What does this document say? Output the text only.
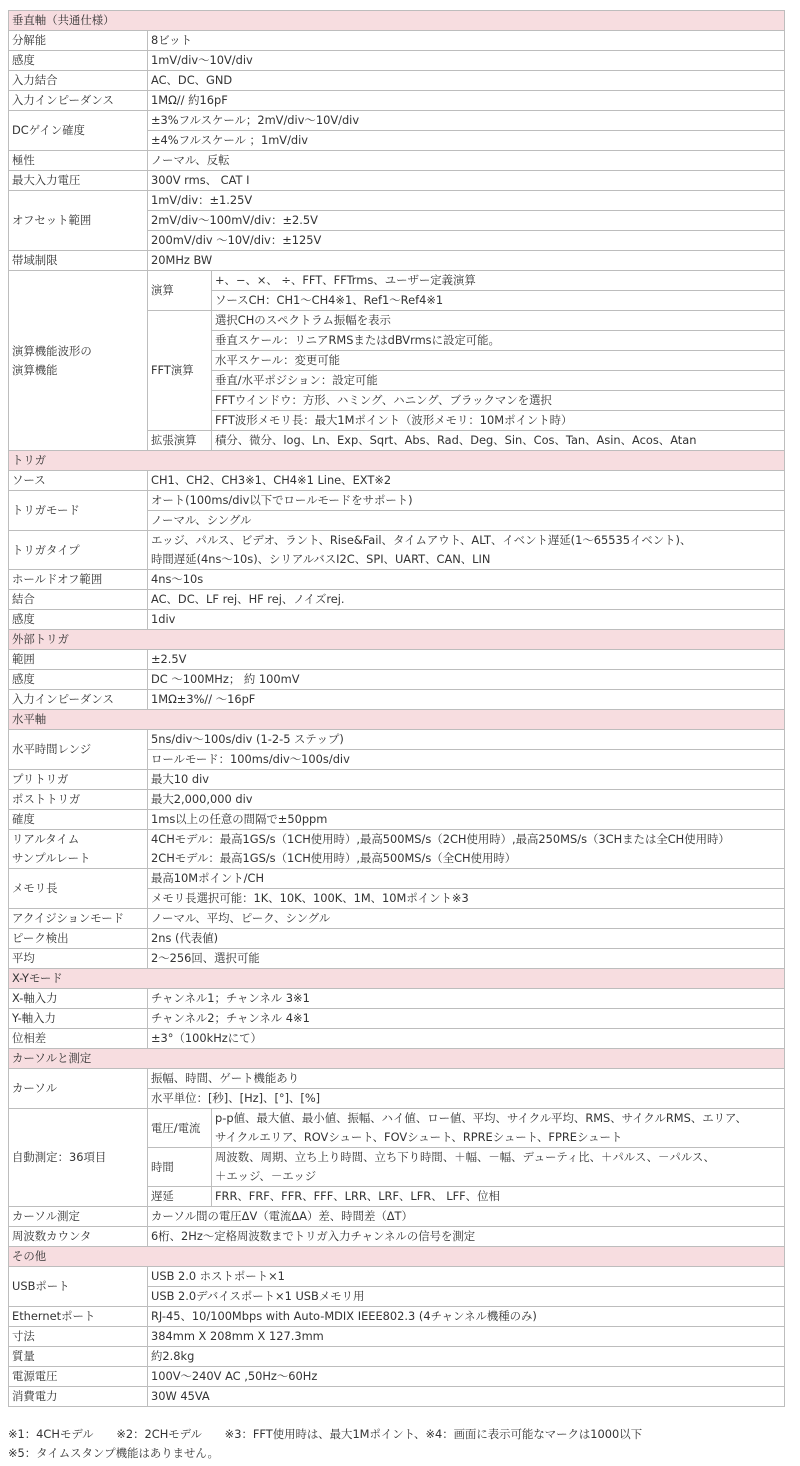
垂直軸（共通仕様）		
分解能	8ビット	
感度	1mV/div～10V/div	
入力結合	AC、DC、GND	
入力インピーダンス	1MΩ// 約16pF	
DCゲイン確度	±3%フルスケール；2mV/div～10V/div	
	±4%フルスケール ；1mV/div	
極性	ノーマル、反転	
最大入力電圧	300V rms、 CAT Ⅰ	
オフセット範囲	1mV/div：±1.25V	
	2mV/div～100mV/div：±2.5V	
	200mV/div ～10V/div：±125V	
帯域制限	20MHz BW	
演算機能波形の
演算機能	演算	+、−、×、 ÷、FFT、FFTrms、ユーザー定義演算
		ソースCH：CH1～CH4※1、Ref1～Ref4※1
	FFT演算	選択CHのスペクトラム振幅を表示
		垂直スケール：リニアRMSまたはdBVrmsに設定可能。
		水平スケール：変更可能
		垂直/水平ポジション：設定可能
		FFTウインドウ：方形、ハミング、ハニング、ブラックマンを選択
		FFT波形メモリ長：最大1Mポイント（波形メモリ：10Mポイント時）
	拡張演算	積分、微分、log、Ln、Exp、Sqrt、Abs、Rad、Deg、Sin、Cos、Tan、Asin、Acos、Atan
トリガ		
ソース	CH1、CH2、CH3※1、CH4※1 Line、EXT※2	
トリガモード	オート(100ms/div以下でロールモードをサポート)	
	ノーマル、シングル	
トリガタイプ	エッジ、パルス、ビデオ、ラント、Rise&Fail、タイムアウト、ALT、イベント遅延(1～65535イベント)、
時間遅延(4ns～10s)、シリアルバスI2C、SPI、UART、CAN、LIN	
ホールドオフ範囲	4ns～10s	
結合	AC、DC、LF rej、HF rej、ノイズrej.	
感度	1div	
外部トリガ		
範囲	±2.5V	
感度	DC ～100MHz； 約 100mV	
入力インピーダンス	1MΩ±3%// ～16pF	
水平軸		
水平時間レンジ	5ns/div～100s/div (1-2-5 ステップ)	
	ロールモード：100ms/div～100s/div	
プリトリガ	最大10 div	
ポストトリガ	最大2,000,000 div	
確度	1ms以上の任意の間隔で±50ppm	
リアルタイム
サンプルレート	4CHモデル：最高1GS/s（1CH使用時）,最高500MS/s（2CH使用時）,最高250MS/s（3CHまたは全CH使用時）
2CHモデル：最高1GS/s（1CH使用時）,最高500MS/s（全CH使用時）	
メモリ長	最高10Mポイント/CH	
	メモリ長選択可能：1K、10K、100K、1M、10Mポイント※3	
アクイジションモード	ノーマル、平均、ピーク、シングル	
ピーク検出	2ns (代表値)	
平均	2～256回、選択可能	
X-Yモード		
X-軸入力	チャンネル1；チャンネル 3※1	
Y-軸入力	チャンネル2；チャンネル 4※1	
位相差	±3°（100kHzにて）	
カーソルと測定		
カーソル	振幅、時間、ゲート機能あり	
	水平単位：[秒]、[Hz]、[°]、[%]	
自動測定：36項目	電圧/電流	p-p値、最大値、最小値、振幅、ハイ値、ロー値、平均、サイクル平均、RMS、サイクルRMS、エリア、
サイクルエリア、ROVシュート、FOVシュート、RPREシュート、FPREシュート
	時間	周波数、周期、立ち上り時間、立ち下り時間、＋幅、－幅、デューティ比、＋パルス、－パルス、
＋エッジ、－エッジ
	遅延	FRR、FRF、FFR、FFF、LRR、LRF、LFR、 LFF、位相
カーソル測定	カーソル間の電圧ΔV（電流ΔA）差、時間差（ΔT）	
周波数カウンタ	6桁、2Hz～定格周波数までトリガ入力チャンネルの信号を測定	
その他		
USBポート	USB 2.0 ホストポート×1	
	USB 2.0デバイスポート×1 USBメモリ用	
Ethernetポート	RJ-45、10/100Mbps with Auto-MDIX IEEE802.3 (4チャンネル機種のみ)	
寸法	384mm X 208mm X 127.3mm	
質量	約2.8kg	
電源電圧	100V～240V AC ,50Hz～60Hz	
消費電力	30W 45VA	
※1：4CHモデル　　※2：2CHモデル　　※3：FFT使用時は、最大1Mポイント、※4：画面に表示可能なマークは1000以下
※5：タイムスタンプ機能はありません。
